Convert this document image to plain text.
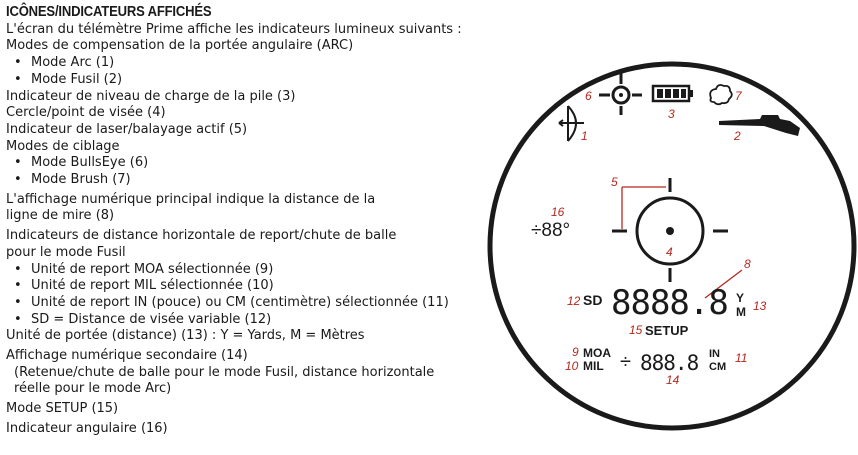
ICÔNES/INDICATEURS AFFICHÉS
L'écran du télémètre Prime affiche les indicateurs lumineux suivants :
Modes de compensation de la portée angulaire (ARC)
• Mode Arc (1)
• Mode Fusil (2)
Indicateur de niveau de charge de la pile (3)
Cercle/point de visée (4)
Indicateur de laser/balayage actif (5)
Modes de ciblage
• Mode BullsEye (6)
• Mode Brush (7)
L'affichage numérique principal indique la distance de la
ligne de mire (8)
Indicateurs de distance horizontale de report/chute de balle
pour le mode Fusil
• Unité de report MOA sélectionnée (9)
• Unité de report MIL sélectionnée (10)
• Unité de report IN (pouce) ou CM (centimètre) sélectionnée (11)
• SD = Distance de visée variable (12)
Unité de portée (distance) (13) : Y = Yards, M = Mètres
Affichage numérique secondaire (14)
(Retenue/chute de balle pour le mode Fusil, distance horizontale
réelle pour le mode Arc)
Mode SETUP (15)
Indicateur angulaire (16)
÷88°
SD 8888.8 Y
M
SETUP
MOA
MIL ÷ 888.8 IN
CM
1	2
3
4
5
6	7
8
9
10
11
12	13
14
15
16
